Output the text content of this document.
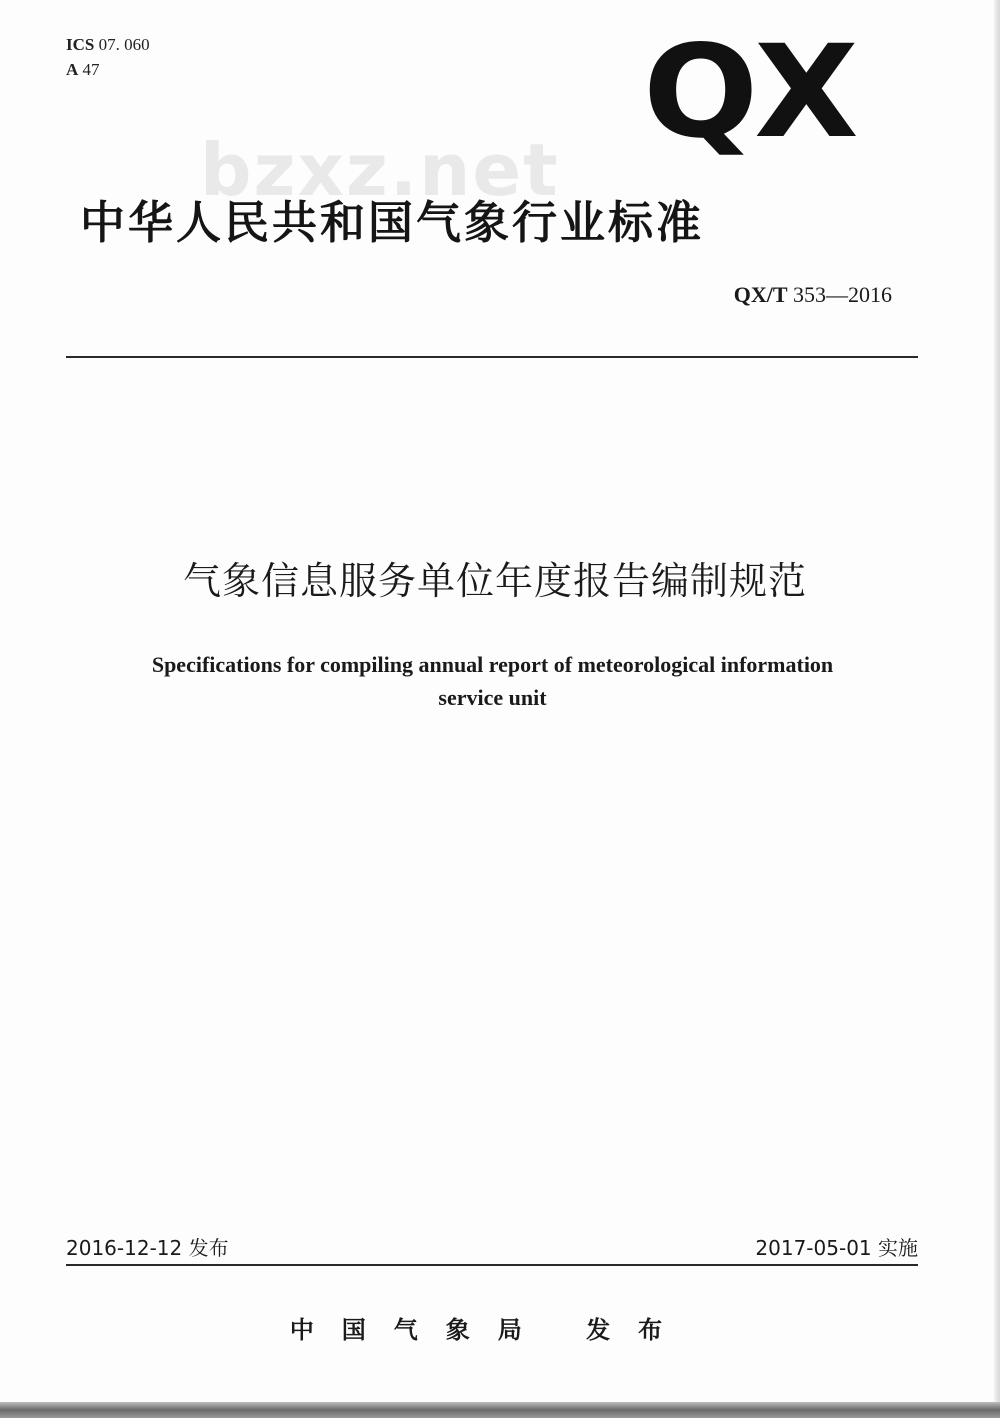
ICS 07. 060
A 47	QX
bzxz.net
中华人民共和国气象行业标准
QX/T 353—2016
气象信息服务单位年度报告编制规范
Specifications for compiling annual report of meteorological information
service unit
2016-12-12 发布	2017-05-01 实施
中国气象局 发布
